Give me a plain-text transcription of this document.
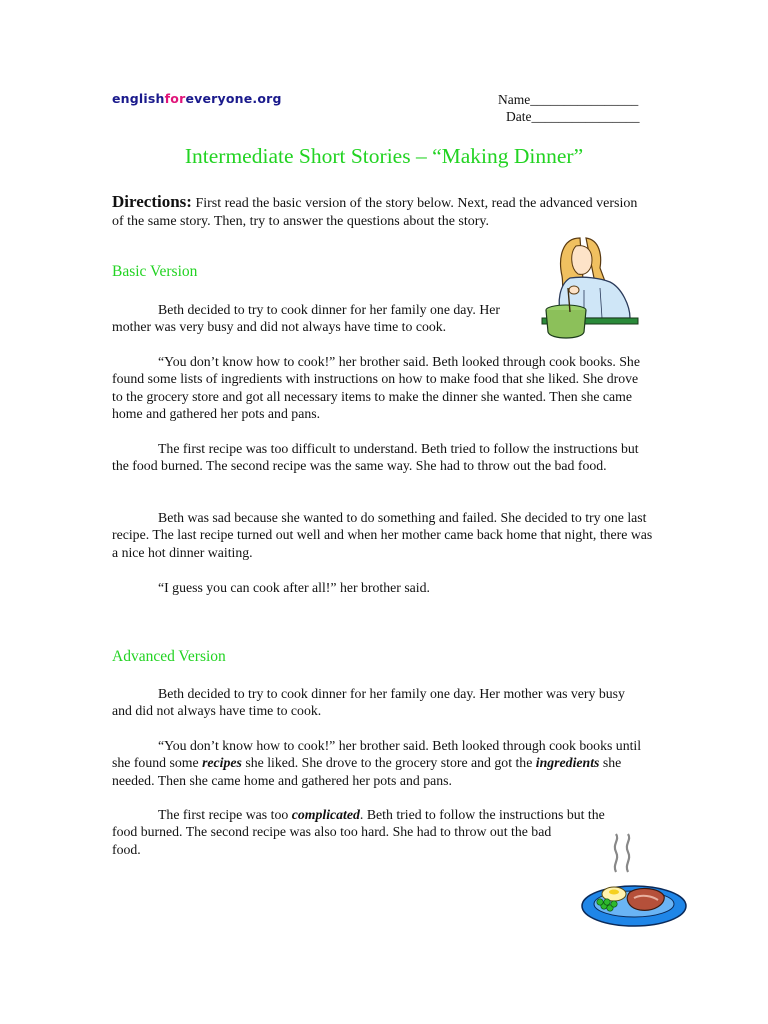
englishforeveryone.org	Name________________
Date________________
Intermediate Short Stories – “Making Dinner”
Directions: First read the basic version of the story below. Next, read the advanced version of the same story. Then, try to answer the questions about the story.
Basic Version
Beth decided to try to cook dinner for her family one day. Her
mother was very busy and did not always have time to cook.
“You don’t know how to cook!” her brother said. Beth looked through cook books. She found some lists of ingredients with instructions on how to make food that she liked. She drove to the grocery store and got all necessary items to make the dinner she wanted. Then she came home and gathered her pots and pans.
The first recipe was too difficult to understand. Beth tried to follow the instructions but the food burned. The second recipe was the same way. She had to throw out the bad food.
Beth was sad because she wanted to do something and failed. She decided to try one last recipe. The last recipe turned out well and when her mother came back home that night, there was a nice hot dinner waiting.
“I guess you can cook after all!” her brother said.
Advanced Version
Beth decided to try to cook dinner for her family one day. Her mother was very busy and did not always have time to cook.
“You don’t know how to cook!” her brother said. Beth looked through cook books until she found some recipes she liked. She drove to the grocery store and got the ingredients she needed. Then she came home and gathered her pots and pans.
The first recipe was too complicated. Beth tried to follow the instructions but the
food burned. The second recipe was also too hard. She had to throw out the bad
food.
